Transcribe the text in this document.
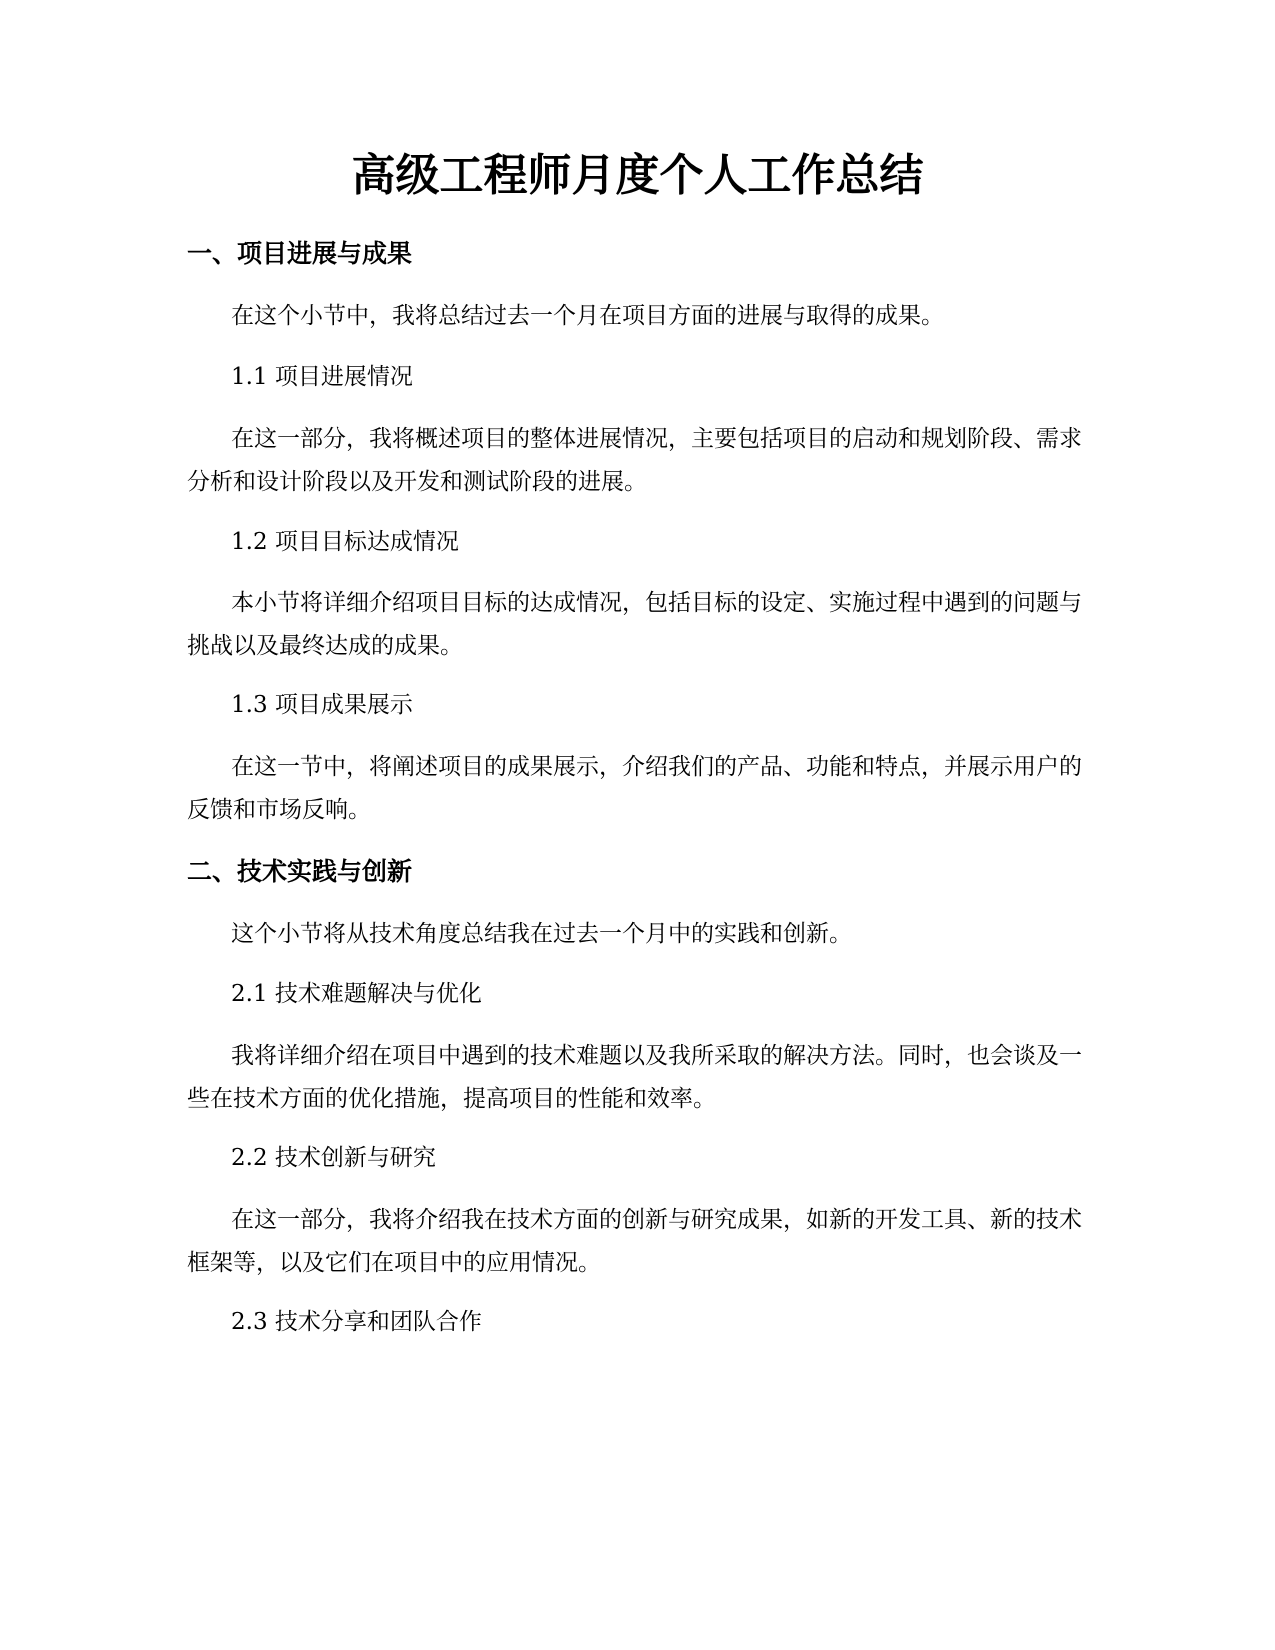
高级工程师月度个人工作总结
一、项目进展与成果

在这个小节中，我将总结过去一个月在项目方面的进展与取得的成果。

1.1 项目进展情况

在这一部分，我将概述项目的整体进展情况，主要包括项目的启动和规划阶段、需求分析和设计阶段以及开发和测试阶段的进展。

1.2 项目目标达成情况

本小节将详细介绍项目目标的达成情况，包括目标的设定、实施过程中遇到的问题与挑战以及最终达成的成果。

1.3 项目成果展示

在这一节中，将阐述项目的成果展示，介绍我们的产品、功能和特点，并展示用户的反馈和市场反响。

二、技术实践与创新

这个小节将从技术角度总结我在过去一个月中的实践和创新。

2.1 技术难题解决与优化

我将详细介绍在项目中遇到的技术难题以及我所采取的解决方法。同时，也会谈及一些在技术方面的优化措施，提高项目的性能和效率。

2.2 技术创新与研究

在这一部分，我将介绍我在技术方面的创新与研究成果，如新的开发工具、新的技术框架等，以及它们在项目中的应用情况。

2.3 技术分享和团队合作
